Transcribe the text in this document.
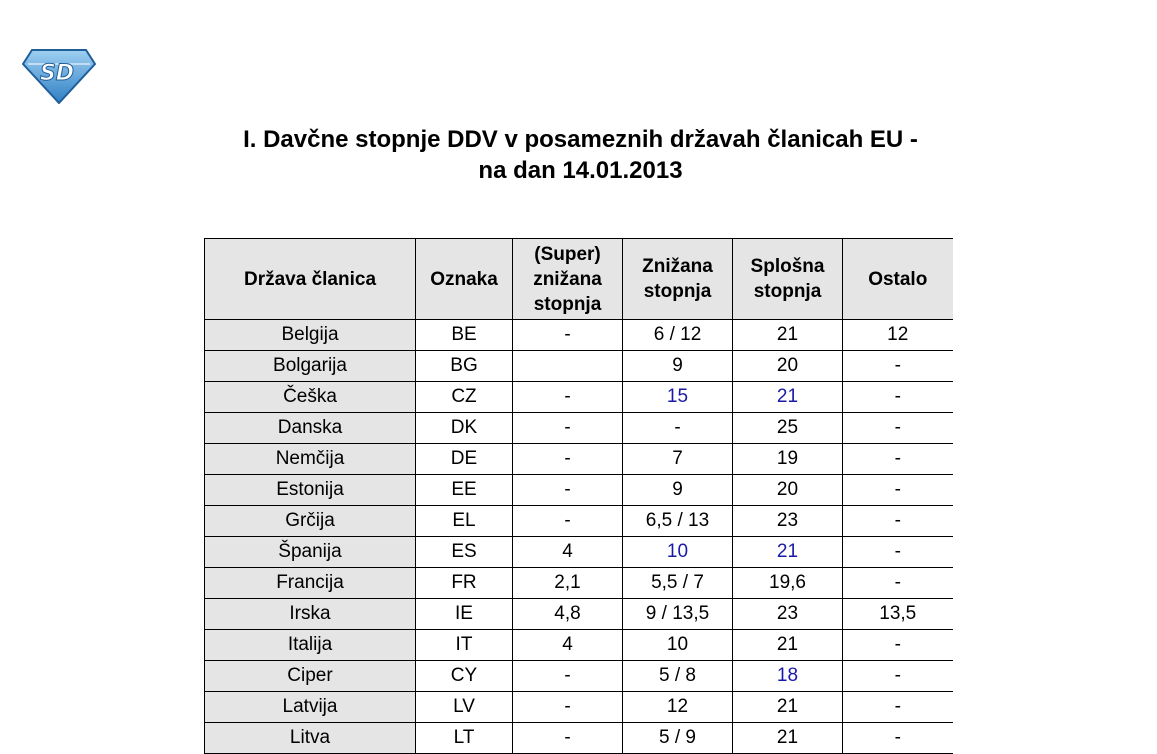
SD
I. Davčne stopnje DDV v posameznih državah članicah EU -
na dan 14.01.2013
Država članica	Oznaka	(Super) znižana stopnja	Znižana stopnja	Splošna stopnja	Ostalo
Belgija	BE	-	6 / 12	21	12
Bolgarija	BG		9	20	-
Češka	CZ	-	15	21	-
Danska	DK	-	-	25	-
Nemčija	DE	-	7	19	-
Estonija	EE	-	9	20	-
Grčija	EL	-	6,5 / 13	23	-
Španija	ES	4	10	21	-
Francija	FR	2,1	5,5 / 7	19,6	-
Irska	IE	4,8	9 / 13,5	23	13,5
Italija	IT	4	10	21	-
Ciper	CY	-	5 / 8	18	-
Latvija	LV	-	12	21	-
Litva	LT	-	5 / 9	21	-
